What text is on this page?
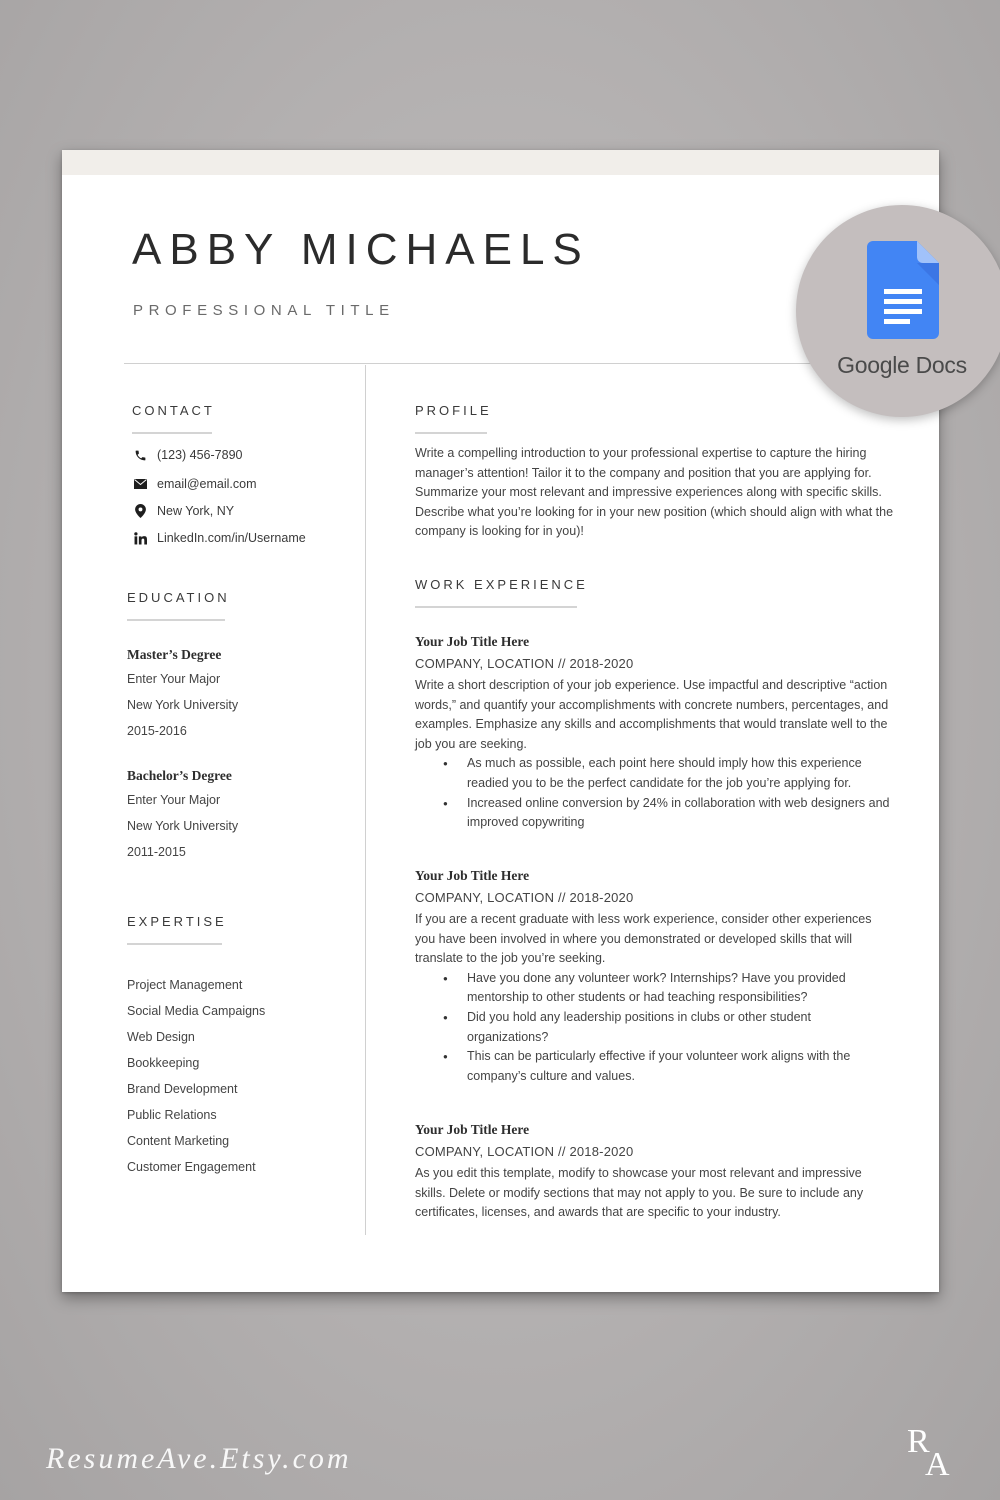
ABBY MICHAELS
PROFESSIONAL TITLE
CONTACT
(123) 456-7890
email@email.com
New York, NY
LinkedIn.com/in/Username
EDUCATION
Master’s Degree
Enter Your Major
New York University
2015-2016
Bachelor’s Degree
Enter Your Major
New York University
2011-2015
EXPERTISE
Project Management
Social Media Campaigns
Web Design
Bookkeeping
Brand Development
Public Relations
Content Marketing
Customer Engagement
PROFILE

Write a compelling introduction to your professional expertise to capture the hiring manager’s attention! Tailor it to the company and position that you are applying for. Summarize your most relevant and impressive experiences along with specific skills. Describe what you’re looking for in your new position (which should align with what the company is looking for in you)!

WORK EXPERIENCE
Your Job Title Here
COMPANY, LOCATION // 2018-2020

Write a short description of your job experience. Use impactful and descriptive “action words,” and quantify your accomplishments with concrete numbers, percentages, and examples. Emphasize any skills and accomplishments that would translate well to the job you are seeking.

● As much as possible, each point here should imply how this experience readied you to be the perfect candidate for the job you’re applying for.
● Increased online conversion by 24% in collaboration with web designers and improved copywriting
Your Job Title Here
COMPANY, LOCATION // 2018-2020

If you are a recent graduate with less work experience, consider other experiences you have been involved in where you demonstrated or developed skills that will translate to the job you’re seeking.

● Have you done any volunteer work? Internships? Have you provided mentorship to other students or had teaching responsibilities?
● Did you hold any leadership positions in clubs or other student organizations?
● This can be particularly effective if your volunteer work aligns with the company’s culture and values.
Your Job Title Here
COMPANY, LOCATION // 2018-2020

As you edit this template, modify to showcase your most relevant and impressive skills. Delete or modify sections that may not apply to you. Be sure to include any certificates, licenses, and awards that are specific to your industry.

Google Docs
ResumeAve.Etsy.com	R
A
